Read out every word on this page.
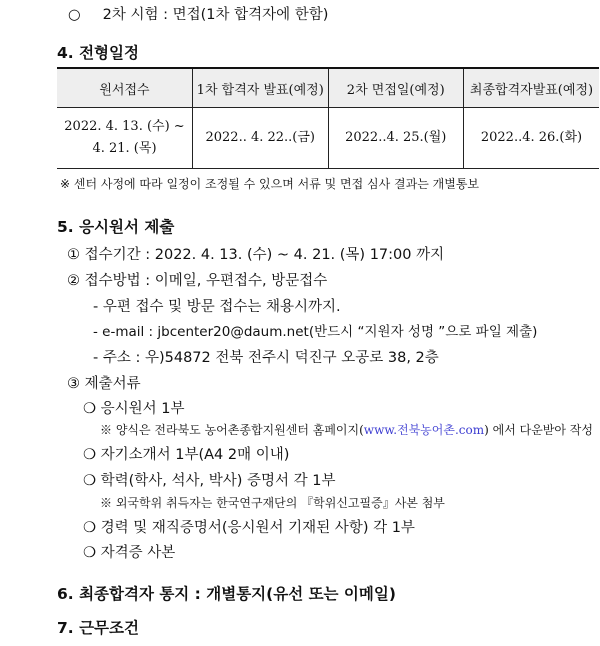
○ 2차 시험 : 면접(1차 합격자에 한함)
4. 전형일정
원서접수	1차 합격자 발표(예정)	2차 면접일(예정)	최종합격자발표(예정)

2022. 4. 13. (수) ~
4. 21. (목)	2022.. 4. 22..(금)	2022..4. 25.(월)	2022..4. 26.(화)
※ 센터 사정에 따라 일정이 조정될 수 있으며 서류 및 면접 심사 결과는 개별통보
5. 응시원서 제출
① 접수기간 : 2022. 4. 13. (수) ~ 4. 21. (목) 17:00 까지
② 접수방법 : 이메일, 우편접수, 방문접수
- 우편 접수 및 방문 접수는 채용시까지.
- e-mail : jbcenter20@daum.net(반드시 “지원자 성명 ”으로 파일 제출)
- 주소 : 우)54872 전북 전주시 덕진구 오공로 38, 2층
③ 제출서류
❍ 응시원서 1부
※ 양식은 전라북도 농어촌종합지원센터 홈페이지(www.전북농어촌.com) 에서 다운받아 작성
❍ 자기소개서 1부(A4 2매 이내)
❍ 학력(학사, 석사, 박사) 증명서 각 1부
※ 외국학위 취득자는 한국연구재단의 『학위신고필증』사본 첨부
❍ 경력 및 재직증명서(응시원서 기재된 사항) 각 1부
❍ 자격증 사본
6. 최종합격자 통지 : 개별통지(유선 또는 이메일)
7. 근무조건
